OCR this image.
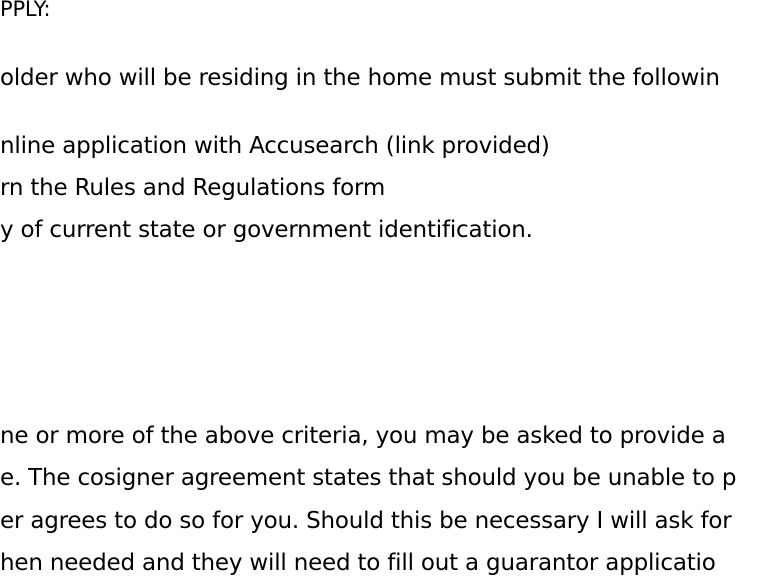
PPLY:
older who will be residing in the home must submit the followin
nline application with Accusearch (link provided)
rn the Rules and Regulations form
y of current state or government identification.
ne or more of the above criteria, you may be asked to provide a
e. The cosigner agreement states that should you be unable to p
er agrees to do so for you. Should this be necessary I will ask for
hen needed and they will need to fill out a guarantor applicatio
